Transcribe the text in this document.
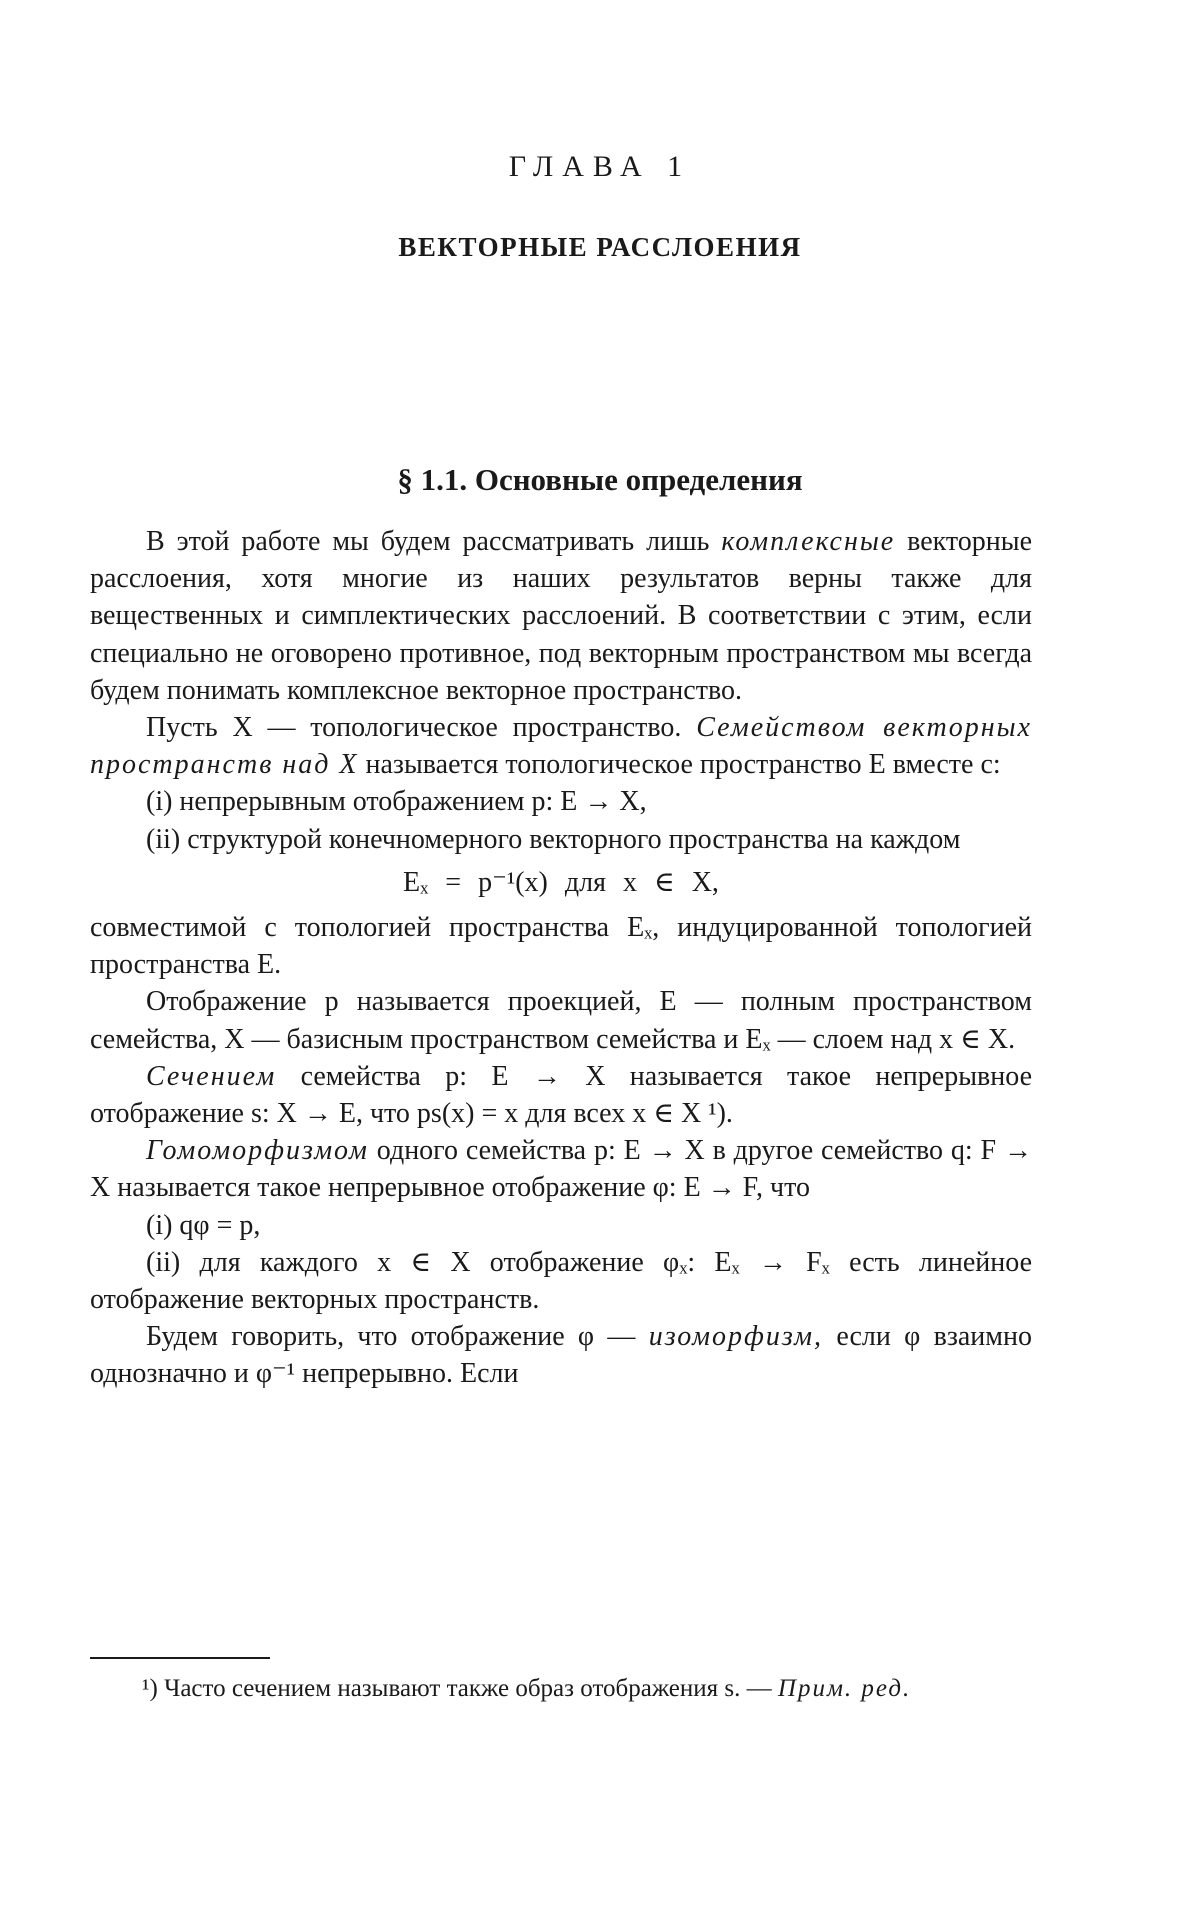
ГЛАВА 1
ВЕКТОРНЫЕ РАССЛОЕНИЯ
§ 1.1. Основные определения

В этой работе мы будем рассматривать лишь комплексные векторные расслоения, хотя многие из наших результатов верны также для вещественных и симплектических расслоений. В соответствии с этим, если специально не оговорено противное, под векторным пространством мы всегда будем понимать комплексное векторное пространство.

Пусть X — топологическое пространство. Семейством векторных пространств над X называется топологическое пространство E вместе с:

(i) непрерывным отображением p: E → X,

(ii) структурой конечномерного векторного пространства на каждом

Eₓ = p⁻¹(x) для x ∈ X,

совместимой с топологией пространства Eₓ, индуцированной топологией пространства E.

Отображение p называется проекцией, E — полным пространством семейства, X — базисным пространством семейства и Eₓ — слоем над x ∈ X.

Сечением семейства p: E → X называется такое непрерывное отображение s: X → E, что ps(x) = x для всех x ∈ X ¹).

Гомоморфизмом одного семейства p: E → X в другое семейство q: F → X называется такое непрерывное отображение φ: E → F, что

(i) qφ = p,

(ii) для каждого x ∈ X отображение φₓ: Eₓ → Fₓ есть линейное отображение векторных пространств.

Будем говорить, что отображение φ — изоморфизм, если φ взаимно однозначно и φ⁻¹ непрерывно. Если

¹) Часто сечением называют также образ отображения s. — Прим. ред.
